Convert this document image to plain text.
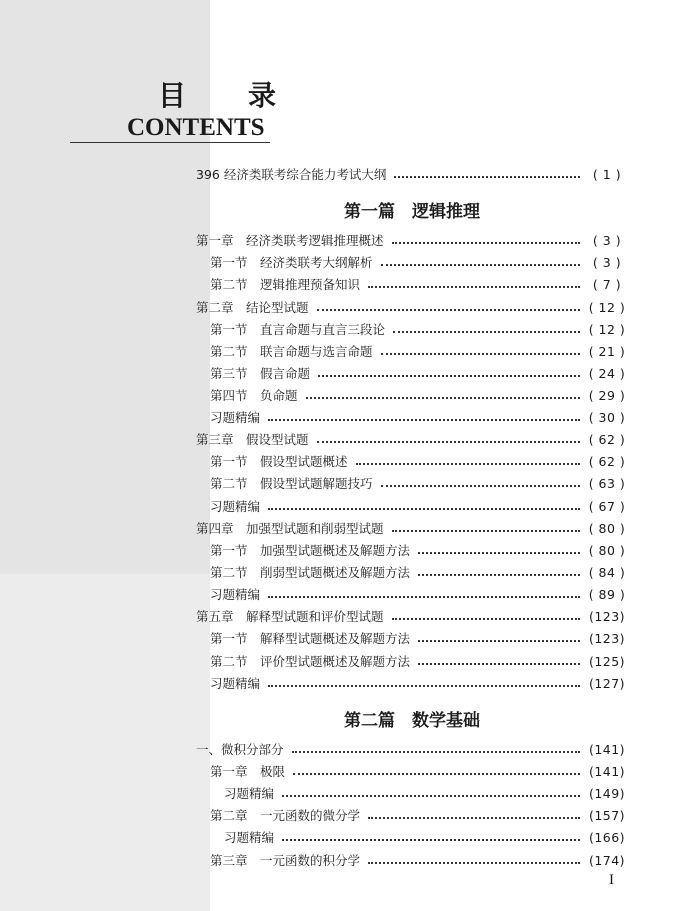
目录
CONTENTS
396 经济类联考综合能力考试大纲	( 1 )
第一篇　逻辑推理
第一章　经济类联考逻辑推理概述	( 3 )
第一节　经济类联考大纲解析	( 3 )
第二节　逻辑推理预备知识	( 7 )
第二章　结论型试题	( 12 )
第一节　直言命题与直言三段论	( 12 )
第二节　联言命题与选言命题	( 21 )
第三节　假言命题	( 24 )
第四节　负命题	( 29 )
习题精编	( 30 )
第三章　假设型试题	( 62 )
第一节　假设型试题概述	( 62 )
第二节　假设型试题解题技巧	( 63 )
习题精编	( 67 )
第四章　加强型试题和削弱型试题	( 80 )
第一节　加强型试题概述及解题方法	( 80 )
第二节　削弱型试题概述及解题方法	( 84 )
习题精编	( 89 )
第五章　解释型试题和评价型试题	(123)
第一节　解释型试题概述及解题方法	(123)
第二节　评价型试题概述及解题方法	(125)
习题精编	(127)
第二篇　数学基础
一、微积分部分	(141)
第一章　极限	(141)
习题精编	(149)
第二章　一元函数的微分学	(157)
习题精编	(166)
第三章　一元函数的积分学	(174)
I
